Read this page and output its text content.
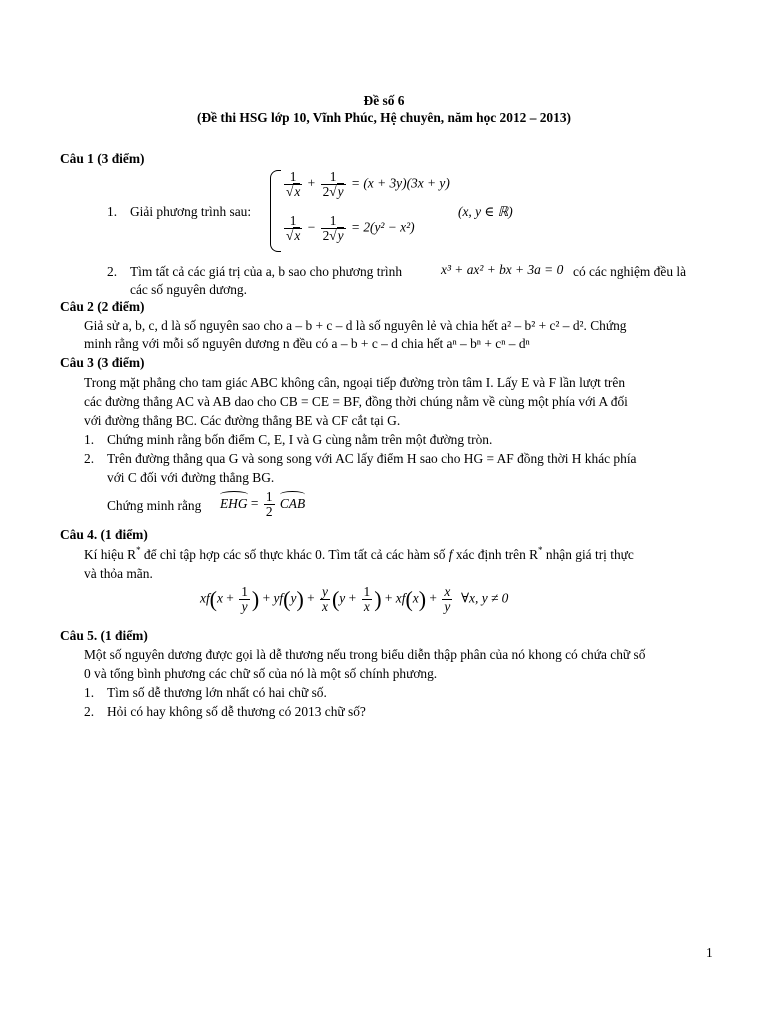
Đề số 6
(Đề thi HSG lớp 10, Vĩnh Phúc, Hệ chuyên, năm học 2012 – 2013)
Câu 1 (3 điểm)
1. Giải phương trình sau:
$\frac{1}{√x} + \frac{1}{2√y} = (x + 3y)(3x + y)$
$\frac{1}{√x} - \frac{1}{2√y} = 2(y^2 - x^2)$
(x, y ∈ ℝ)
2. Tìm tất cả các giá trị của a, b sao cho phương trình	x³ + ax² + bx + 3a = 0 có các nghiệm đều là
các số nguyên dương.
Câu 2 (2 điểm)
Giả sử a, b, c, d là số nguyên sao cho a – b + c – d là số nguyên lẻ và chia hết a² – b² + c² – d². Chứng
minh rằng với mỗi số nguyên dương n đều có a – b + c – d chia hết aⁿ – bⁿ + cⁿ – dⁿ
Câu 3 (3 điểm)
Trong mặt phẳng cho tam giác ABC không cân, ngoại tiếp đường tròn tâm I. Lấy E và F lần lượt trên
các đường thẳng AC và AB dao cho CB = CE = BF, đồng thời chúng nằm về cùng một phía với A đối
với đường thẳng BC. Các đường thẳng BE và CF cắt tại G.
1. Chứng minh rằng bốn điểm C, E, I và G cùng nằm trên một đường tròn.
2. Trên đường thẳng qua G và song song với AC lấy điểm H sao cho HG = AF đồng thời H khác phía
với C đối với đường thẳng BG.
Chứng minh rằng EHG = $\frac{1}{2}$ CAB
Câu 4. (1 điểm)
Kí hiệu R* để chỉ tập hợp các số thực khác 0. Tìm tất cả các hàm số f xác định trên R* nhận giá trị thực
và thỏa mãn.
$xf(x + \frac{1}{y}$ ) + $yf(y) + \frac{y}{x} (y + \frac{1}{x}$ ) + $xf(x) + \frac{x}{y}$ ∀x, y ≠ 0
Câu 5. (1 điểm)
Một số nguyên dương được gọi là dễ thương nếu trong biểu diễn thập phân của nó khong có chứa chữ số
0 và tổng bình phương các chữ số của nó là một số chính phương.
1. Tìm số dễ thương lớn nhất có hai chữ số.
2. Hỏi có hay không số dễ thương có 2013 chữ số?
1
